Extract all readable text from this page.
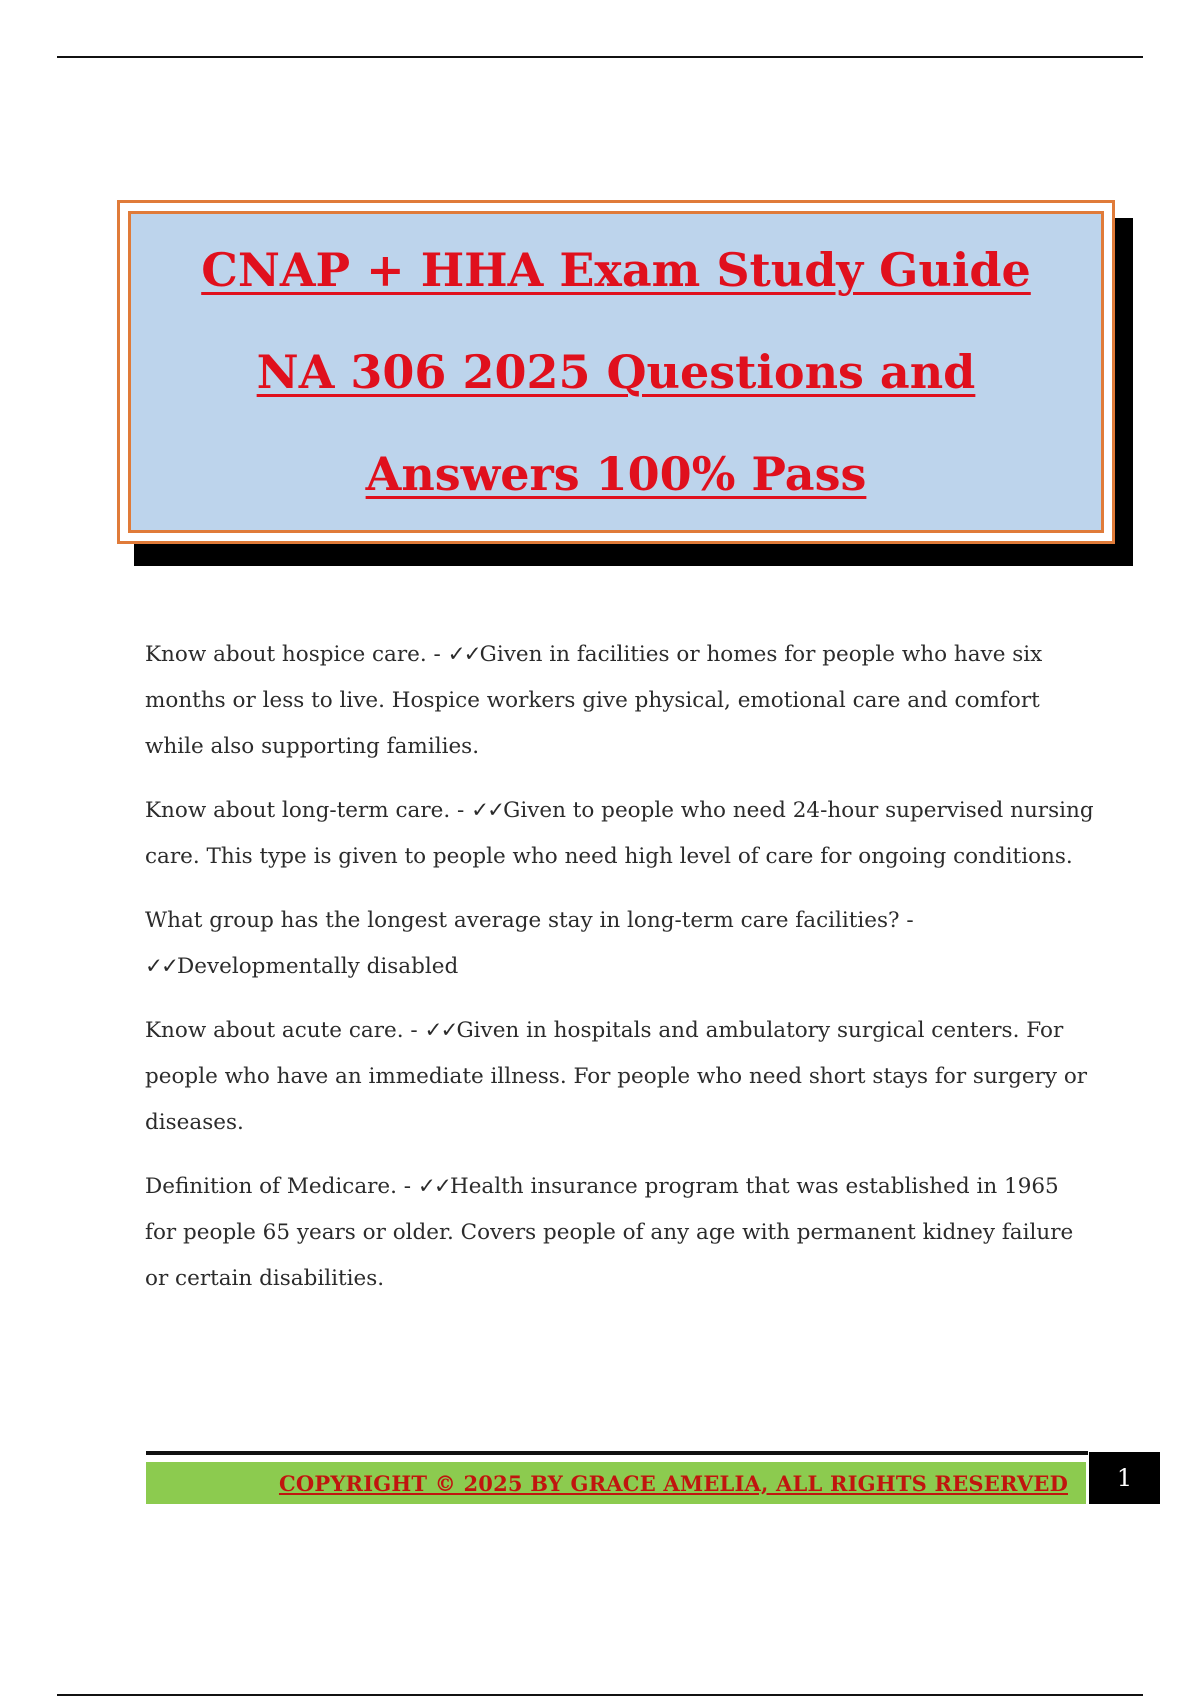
CNAP + HHA Exam Study Guide
NA 306 2025 Questions and
Answers 100% Pass

Know about hospice care. - ✓✓Given in facilities or homes for people who have six months or less to live. Hospice workers give physical, emotional care and comfort while also supporting families.

Know about long-term care. - ✓✓Given to people who need 24-hour supervised nursing care. This type is given to people who need high level of care for ongoing conditions.

What group has the longest average stay in long-term care facilities? - ✓✓Developmentally disabled

Know about acute care. - ✓✓Given in hospitals and ambulatory surgical centers. For people who have an immediate illness. For people who need short stays for surgery or diseases.

Definition of Medicare. - ✓✓Health insurance program that was established in 1965 for people 65 years or older. Covers people of any age with permanent kidney failure or certain disabilities.

COPYRIGHT © 2025 BY GRACE AMELIA, ALL RIGHTS RESERVED 1
